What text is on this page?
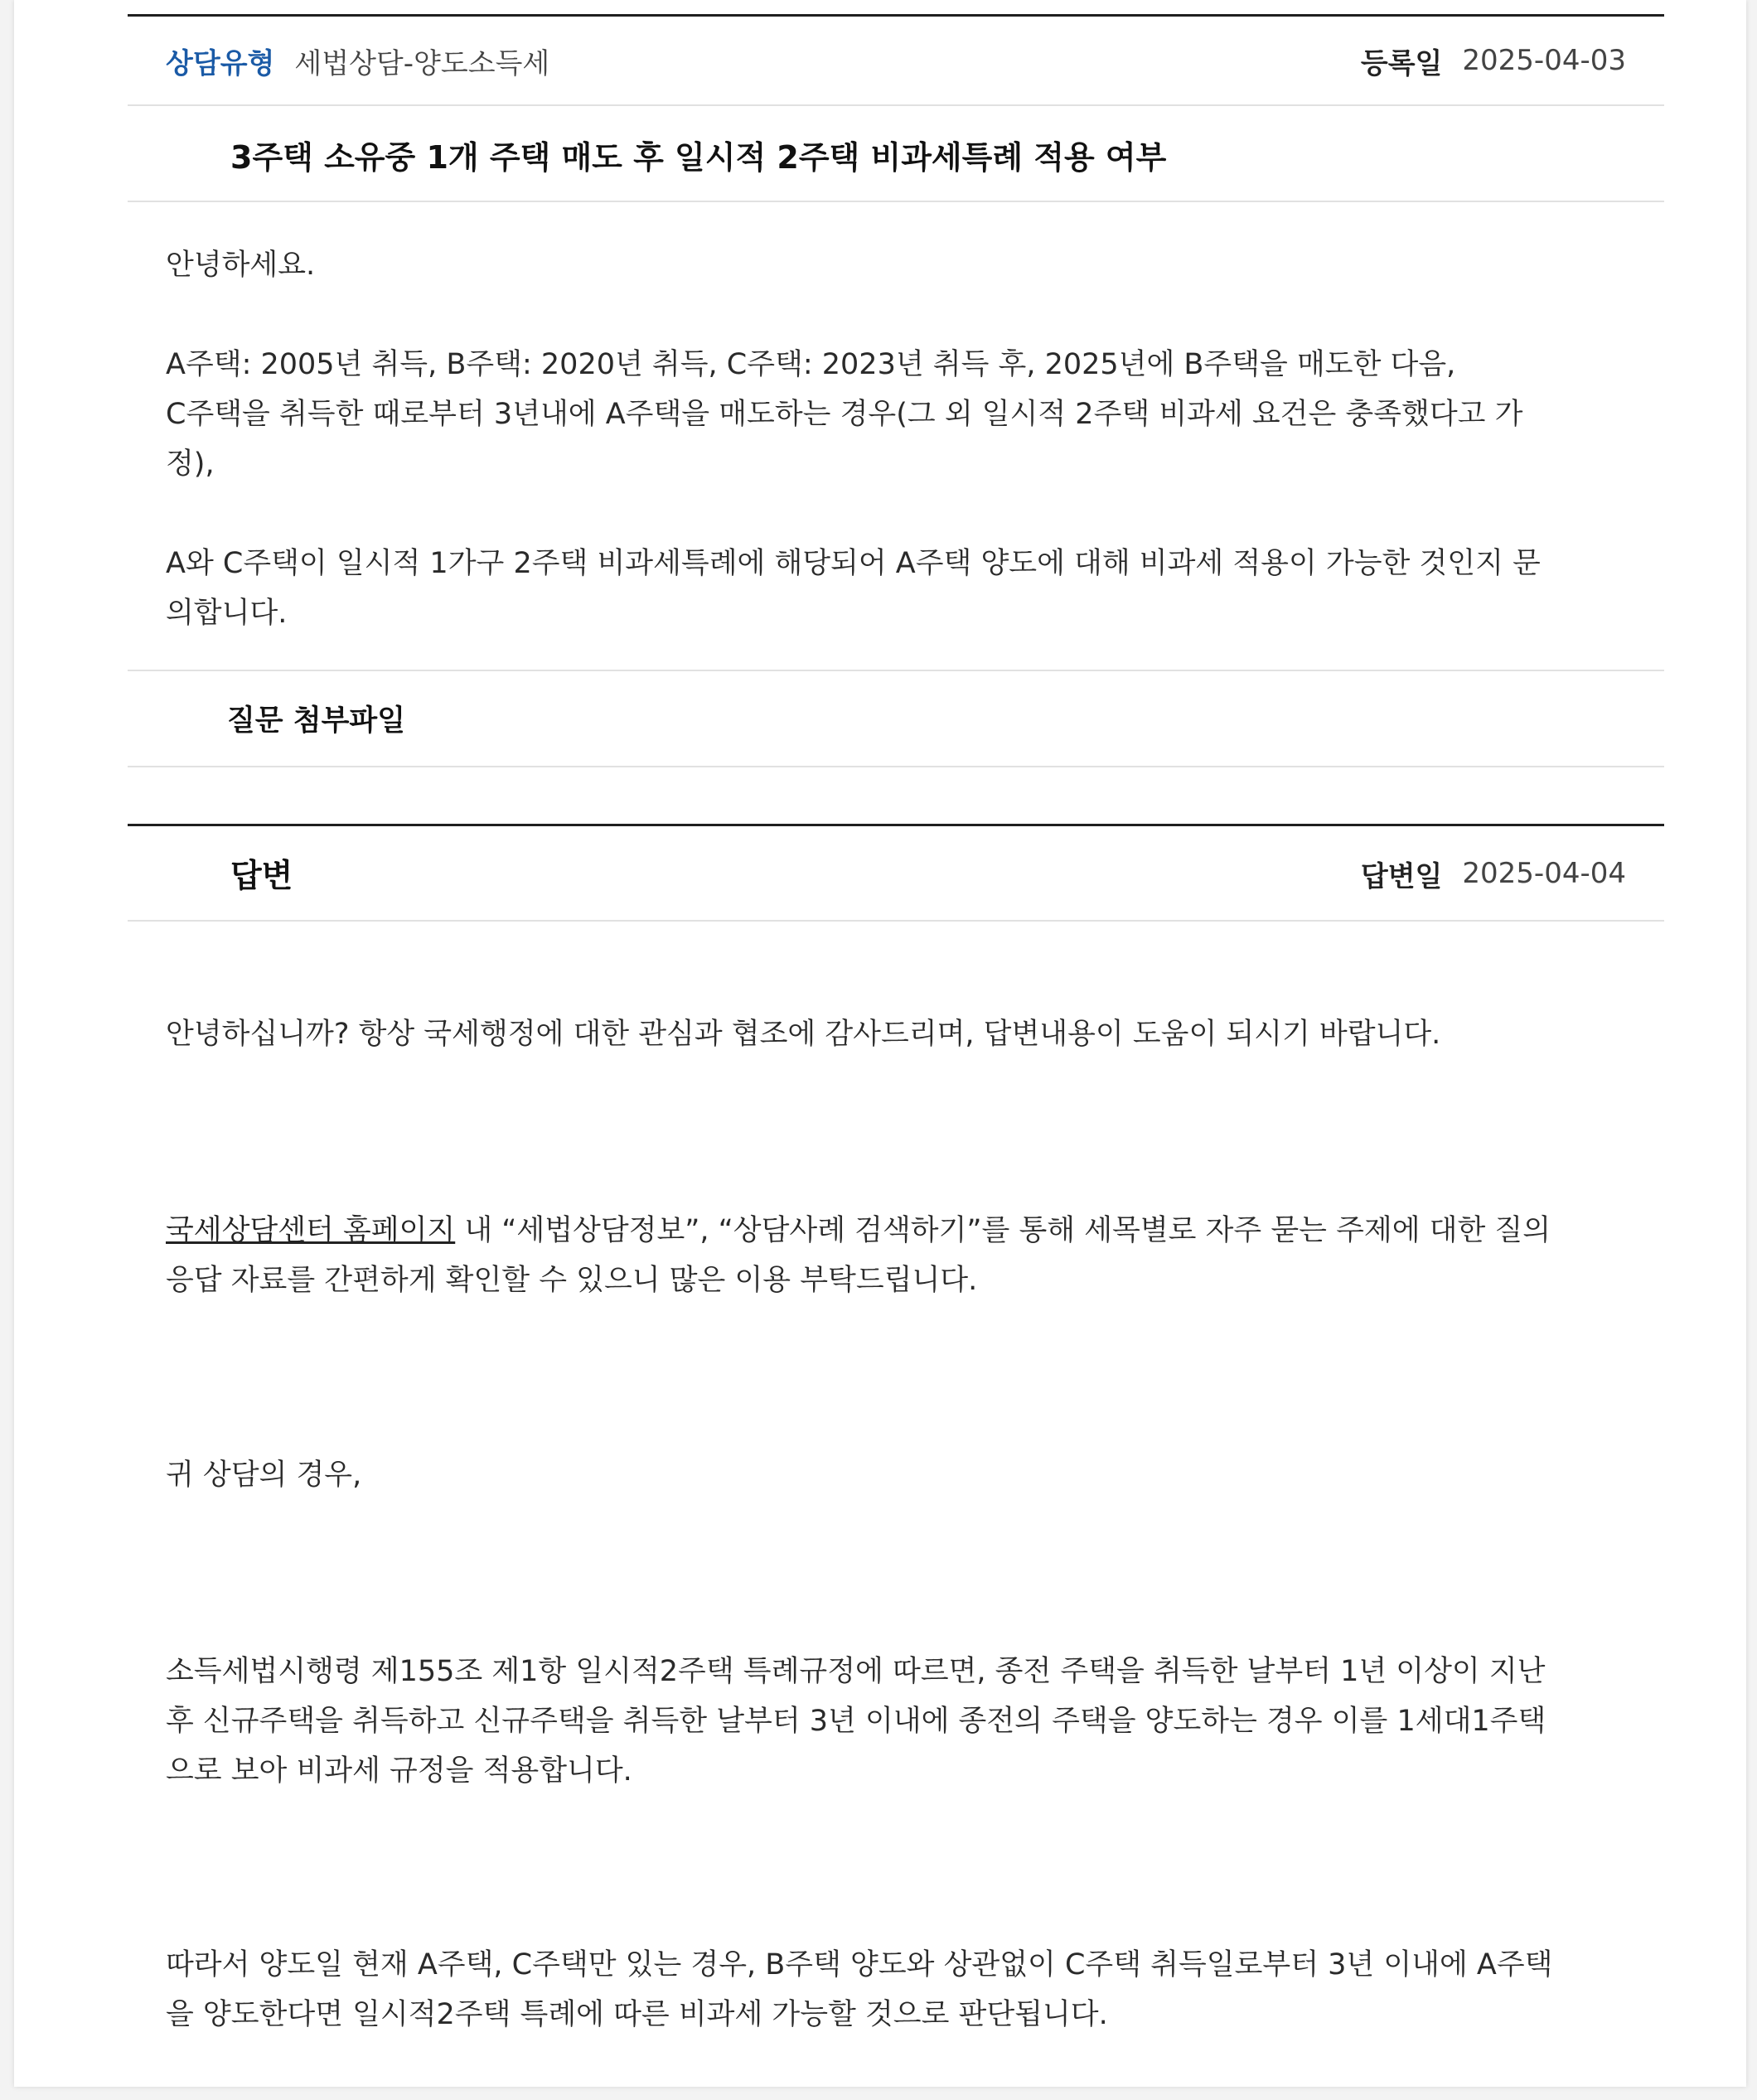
상담유형 세법상담-양도소득세	등록일 2025-04-03
3주택 소유중 1개 주택 매도 후 일시적 2주택 비과세특례 적용 여부

안녕하세요.

A주택: 2005년 취득, B주택: 2020년 취득, C주택: 2023년 취득 후, 2025년에 B주택을 매도한 다음,

C주택을 취득한 때로부터 3년내에 A주택을 매도하는 경우(그 외 일시적 2주택 비과세 요건은 충족했다고 가

정),

A와 C주택이 일시적 1가구 2주택 비과세특례에 해당되어 A주택 양도에 대해 비과세 적용이 가능한 것인지 문

의합니다.

질문 첨부파일
답변	답변일 2025-04-04

안녕하십니까? 항상 국세행정에 대한 관심과 협조에 감사드리며, 답변내용이 도움이 되시기 바랍니다.

국세상담센터 홈페이지 내 “세법상담정보”, “상담사례 검색하기”를 통해 세목별로 자주 묻는 주제에 대한 질의

응답 자료를 간편하게 확인할 수 있으니 많은 이용 부탁드립니다.

귀 상담의 경우,

소득세법시행령 제155조 제1항 일시적2주택 특례규정에 따르면, 종전 주택을 취득한 날부터 1년 이상이 지난

후 신규주택을 취득하고 신규주택을 취득한 날부터 3년 이내에 종전의 주택을 양도하는 경우 이를 1세대1주택

으로 보아 비과세 규정을 적용합니다.

따라서 양도일 현재 A주택, C주택만 있는 경우, B주택 양도와 상관없이 C주택 취득일로부터 3년 이내에 A주택

을 양도한다면 일시적2주택 특례에 따른 비과세 가능할 것으로 판단됩니다.
